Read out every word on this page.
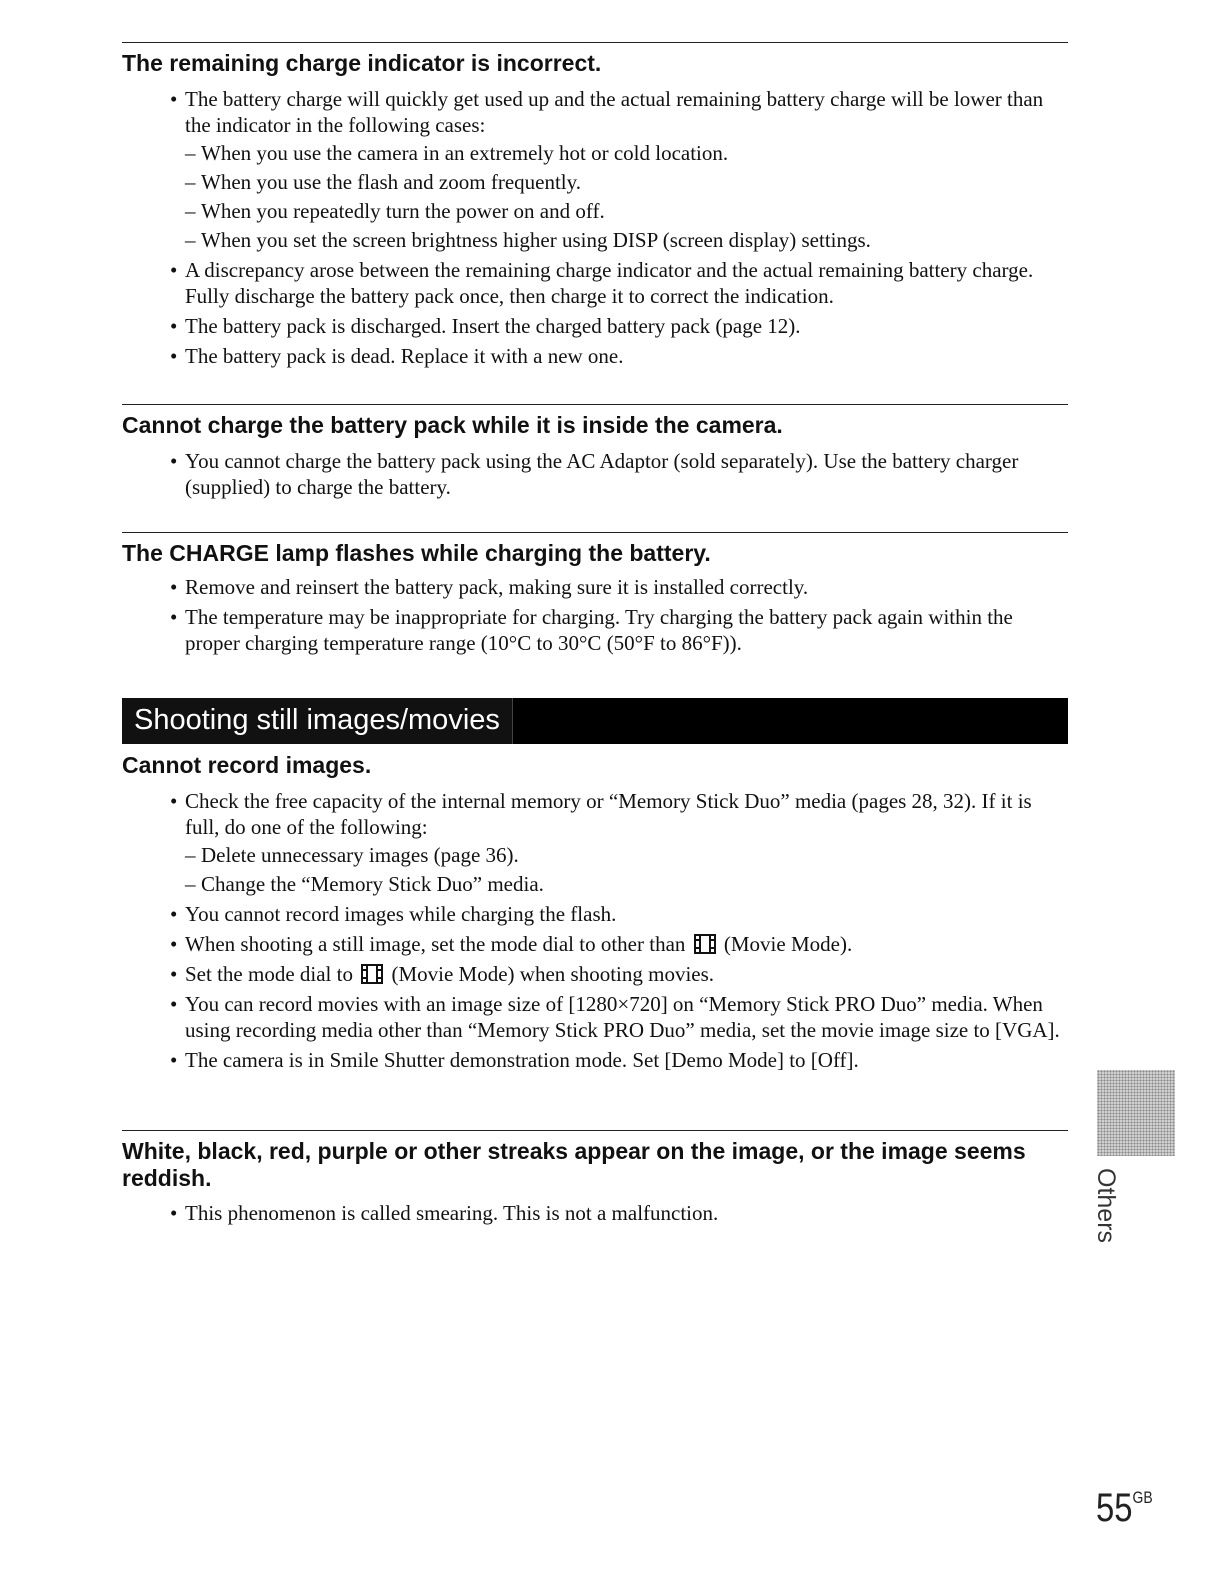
The remaining charge indicator is incorrect.
• The battery charge will quickly get used up and the actual remaining battery charge will be lower than the indicator in the following cases:
– When you use the camera in an extremely hot or cold location.
– When you use the flash and zoom frequently.
– When you repeatedly turn the power on and off.
– When you set the screen brightness higher using DISP (screen display) settings.
• A discrepancy arose between the remaining charge indicator and the actual remaining battery charge. Fully discharge the battery pack once, then charge it to correct the indication.
• The battery pack is discharged. Insert the charged battery pack (page 12).
• The battery pack is dead. Replace it with a new one.
Cannot charge the battery pack while it is inside the camera.
• You cannot charge the battery pack using the AC Adaptor (sold separately). Use the battery charger (supplied) to charge the battery.
The CHARGE lamp flashes while charging the battery.
• Remove and reinsert the battery pack, making sure it is installed correctly.
• The temperature may be inappropriate for charging. Try charging the battery pack again within the proper charging temperature range (10°C to 30°C (50°F to 86°F)).
Shooting still images/movies
Cannot record images.
• Check the free capacity of the internal memory or “Memory Stick Duo” media (pages 28, 32). If it is full, do one of the following:
– Delete unnecessary images (page 36).
– Change the “Memory Stick Duo” media.
• You cannot record images while charging the flash.
• When shooting a still image, set the mode dial to other than (Movie Mode).
• Set the mode dial to (Movie Mode) when shooting movies.
• You can record movies with an image size of [1280×720] on “Memory Stick PRO Duo” media. When using recording media other than “Memory Stick PRO Duo” media, set the movie image size to [VGA].
• The camera is in Smile Shutter demonstration mode. Set [Demo Mode] to [Off].
White, black, red, purple or other streaks appear on the image, or the image seems reddish.
• This phenomenon is called smearing. This is not a malfunction.	Others
$55^{GB}$
